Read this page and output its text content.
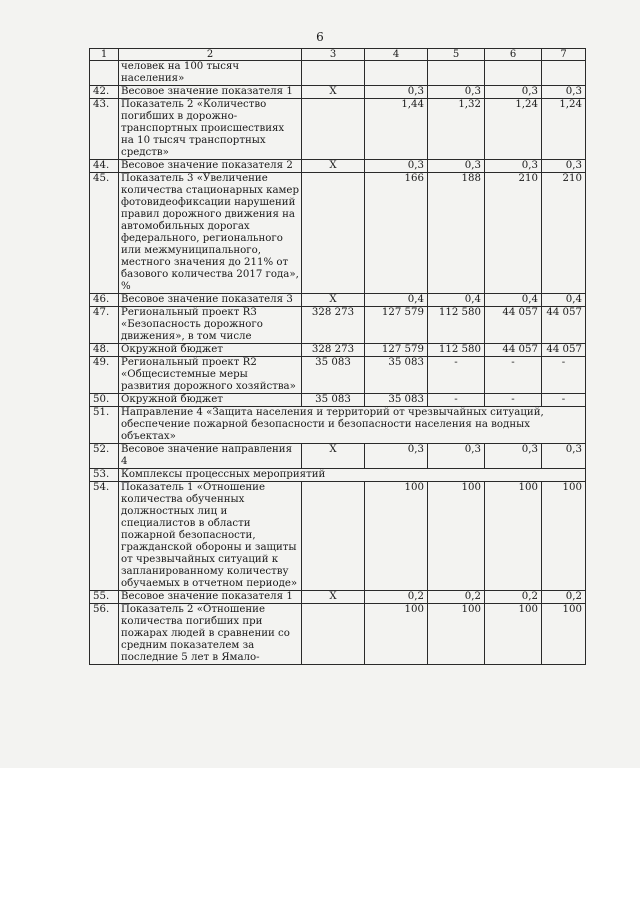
6
1	2	3	4	5	6	7
	человек на 100 тысяч населения»					
42.	Весовое значение показателя 1	Х	0,3	0,3	0,3	0,3
43.	Показатель 2 «Количество погибших в дорожно-транспортных происшествиях на 10 тысяч транспортных средств»		1,44	1,32	1,24	1,24
44.	Весовое значение показателя 2	Х	0,3	0,3	0,3	0,3
45.	Показатель 3 «Увеличение количества стационарных камер фотовидеофиксации нарушений правил дорожного движения на автомобильных дорогах федерального, регионального или межмуниципального, местного значения до 211% от базового количества 2017 года», %		166	188	210	210
46.	Весовое значение показателя 3	Х	0,4	0,4	0,4	0,4
47.	Региональный проект R3 «Безопасность дорожного движения», в том числе	328 273	127 579	112 580	44 057	44 057
48.	Окружной бюджет	328 273	127 579	112 580	44 057	44 057
49.	Региональный проект R2 «Общесистемные меры развития дорожного хозяйства»	35 083	35 083	-	-	-
50.	Окружной бюджет	35 083	35 083	-	-	-
51.	Направление 4 «Защита населения и территорий от чрезвычайных ситуаций, обеспечение пожарной безопасности и безопасности населения на водных объектах»					
52.	Весовое значение направления 4	Х	0,3	0,3	0,3	0,3
53.	Комплексы процессных мероприятий					
54.	Показатель 1 «Отношение количества обученных должностных лиц и специалистов в области пожарной безопасности, гражданской обороны и защиты от чрезвычайных ситуаций к запланированному количеству обучаемых в отчетном периоде»		100	100	100	100
55.	Весовое значение показателя 1	Х	0,2	0,2	0,2	0,2
56.	Показатель 2 «Отношение количества погибших при пожарах людей в сравнении со средним показателем за последние 5 лет в Ямало-		100	100	100	100
